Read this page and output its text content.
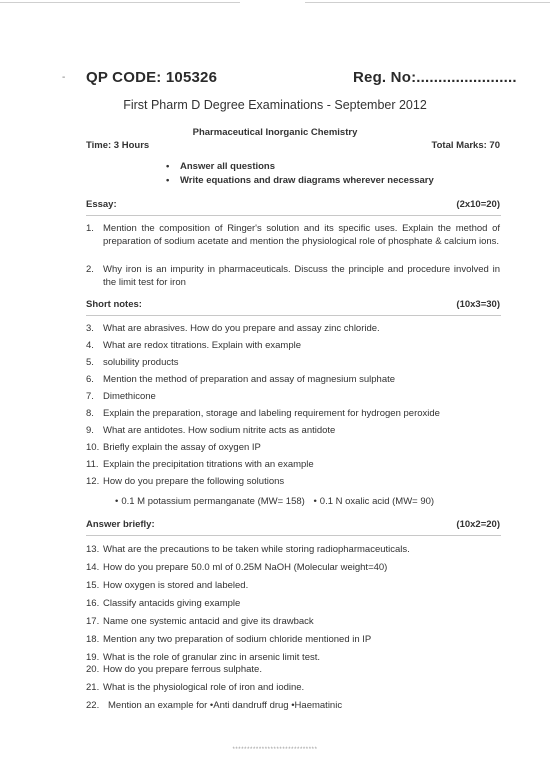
- QP CODE: 105326	Reg. No:.......................
First Pharm D Degree Examinations - September 2012
Pharmaceutical Inorganic Chemistry
Time: 3 Hours	Total Marks: 70
• Answer all questions
• Write equations and draw diagrams wherever necessary
Essay:	(2x10=20)
1. Mention the composition of Ringer's solution and its specific uses. Explain the method of preparation of sodium acetate and mention the physiological role of phosphate & calcium ions.
2. Why iron is an impurity in pharmaceuticals. Discuss the principle and procedure involved in the limit test for iron
Short notes:	(10x3=30)
3. What are abrasives. How do you prepare and assay zinc chloride.
4. What are redox titrations. Explain with example
5. solubility products
6. Mention the method of preparation and assay of magnesium sulphate
7. Dimethicone
8. Explain the preparation, storage and labeling requirement for hydrogen peroxide
9. What are antidotes. How sodium nitrite acts as antidote
10. Briefly explain the assay of oxygen IP
11. Explain the precipitation titrations with an example
12. How do you prepare the following solutions
• 0.1 M potassium permanganate (MW= 158) • 0.1 N oxalic acid (MW= 90)
Answer briefly:	(10x2=20)
13. What are the precautions to be taken while storing radiopharmaceuticals.
14. How do you prepare 50.0 ml of 0.25M NaOH (Molecular weight=40)
15. How oxygen is stored and labeled.
16. Classify antacids giving example
17. Name one systemic antacid and give its drawback
18. Mention any two preparation of sodium chloride mentioned in IP
19. What is the role of granular zinc in arsenic limit test.
20. How do you prepare ferrous sulphate.
21. What is the physiological role of iron and iodine.
22. Mention an example for •Anti dandruff drug •Haematinic
*****************************
